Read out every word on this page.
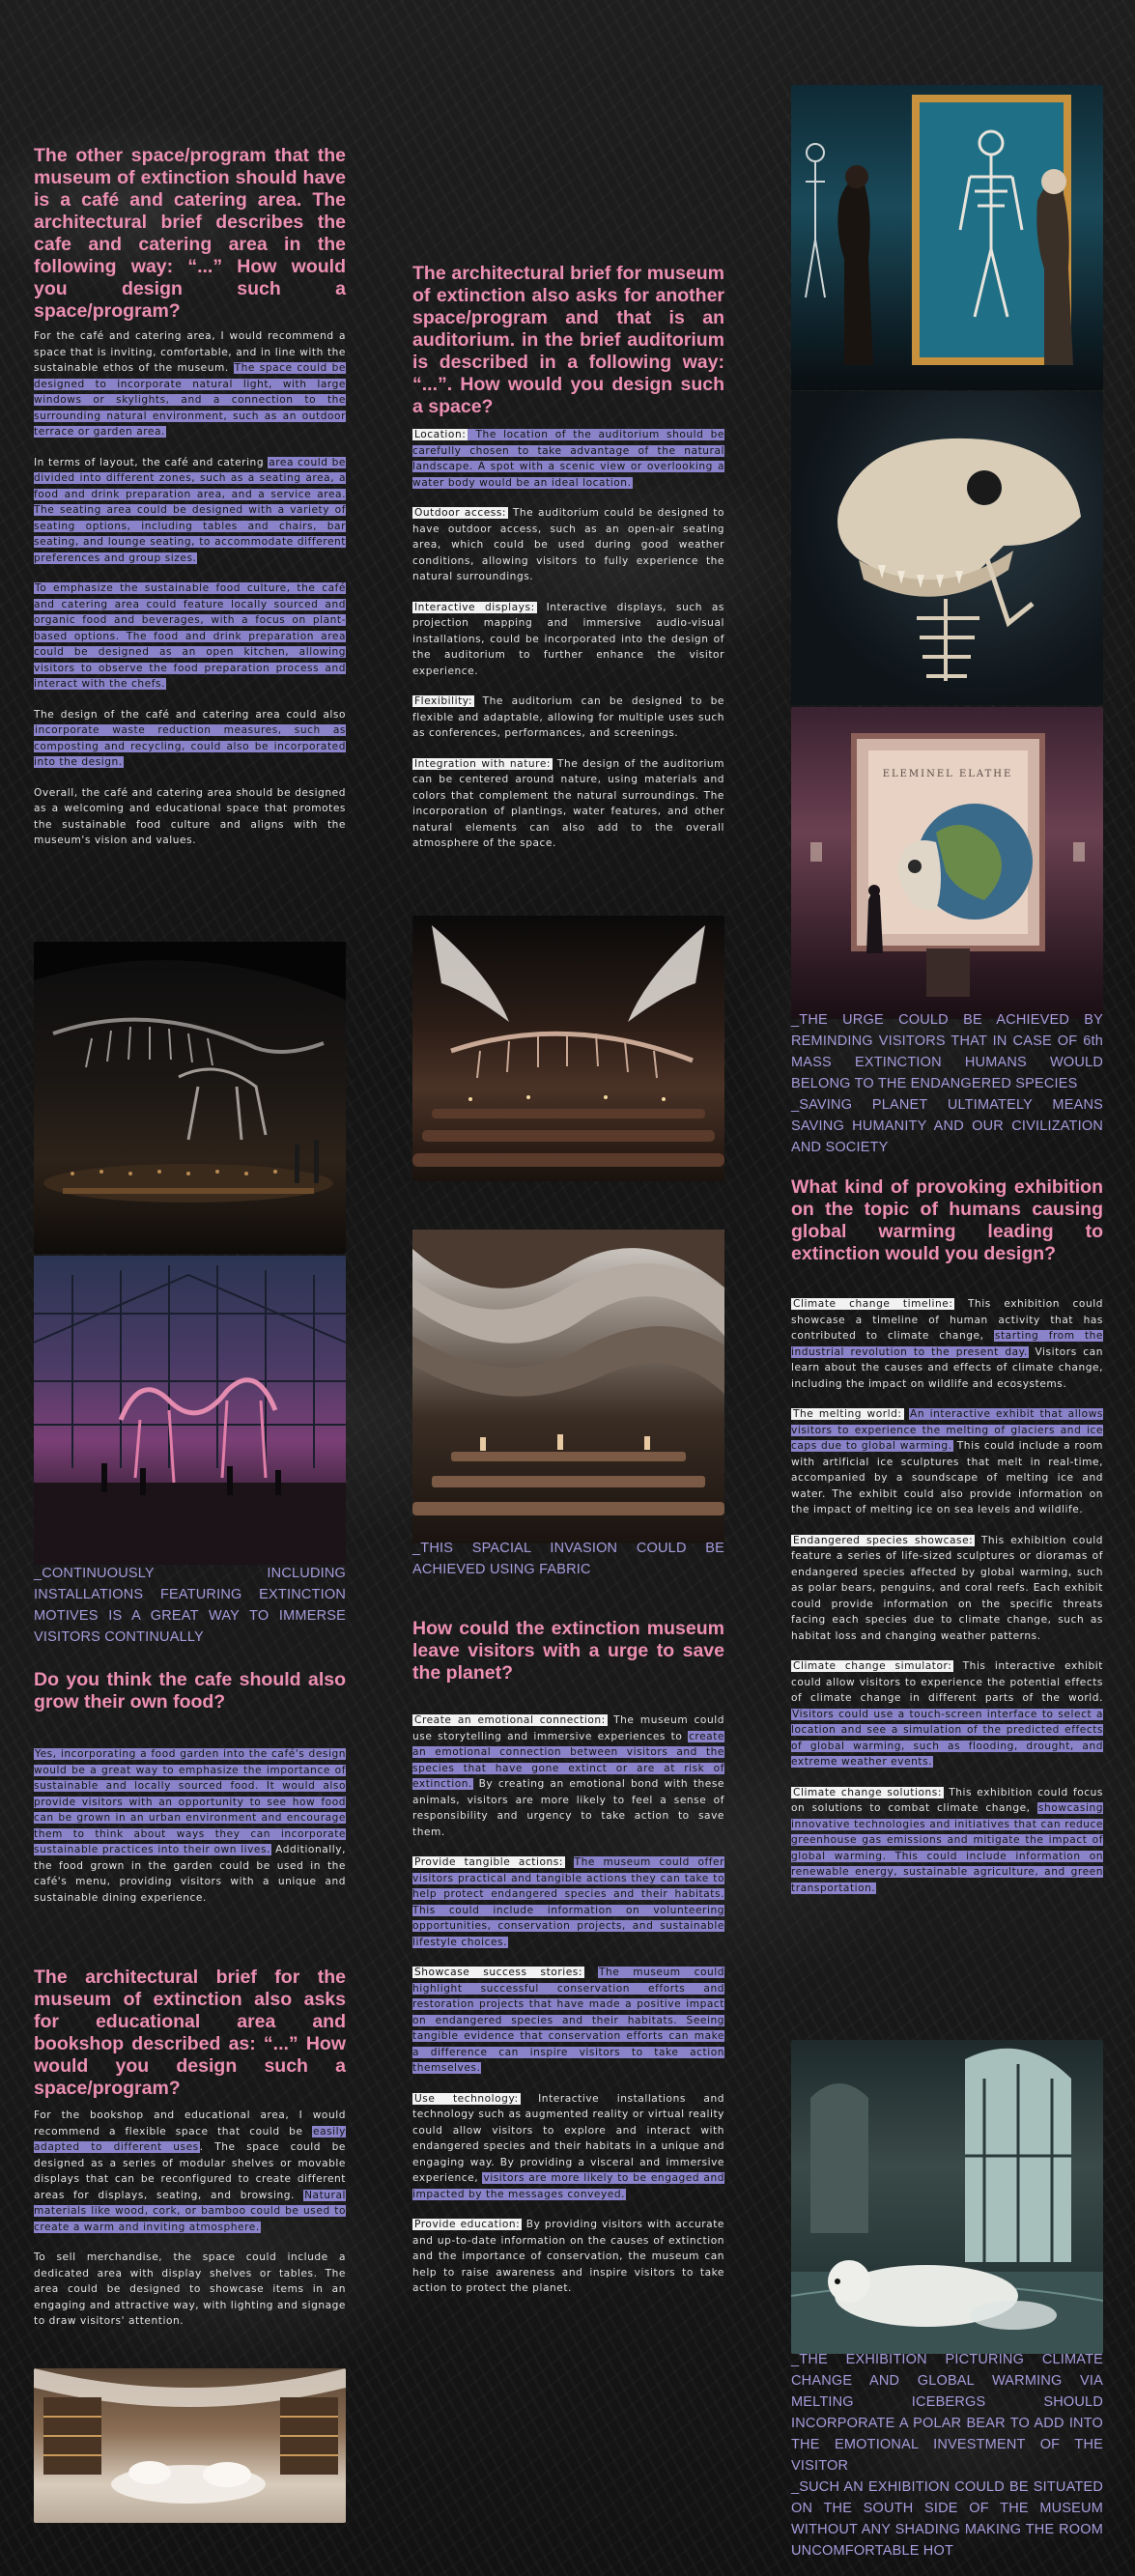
The other space/program that the museum of extinction should have is a café and catering area. The architectural brief describes the cafe and catering area in the following way: “...” How would you design such a space/program?

For the café and catering area, I would recommend a space that is inviting, comfortable, and in line with the sustainable ethos of the museum. The space could be designed to incorporate natural light, with large windows or skylights, and a connection to the surrounding natural environment, such as an outdoor terrace or garden area.

In terms of layout, the café and catering area could be divided into different zones, such as a seating area, a food and drink preparation area, and a service area. The seating area could be designed with a variety of seating options, including tables and chairs, bar seating, and lounge seating, to accommodate different preferences and group sizes.

To emphasize the sustainable food culture, the café and catering area could feature locally sourced and organic food and beverages, with a focus on plant-based options. The food and drink preparation area could be designed as an open kitchen, allowing visitors to observe the food preparation process and interact with the chefs.

The design of the café and catering area could also incorporate waste reduction measures, such as composting and recycling, could also be incorporated into the design.

Overall, the café and catering area should be designed as a welcoming and educational space that promotes the sustainable food culture and aligns with the museum's vision and values.

_CONTINUOUSLY INCLUDING INSTALLATIONS FEATURING EXTINCTION MOTIVES IS A GREAT WAY TO IMMERSE VISITORS CONTINUALLY
Do you think the cafe should also grow their own food?

Yes, incorporating a food garden into the café's design would be a great way to emphasize the importance of sustainable and locally sourced food. It would also provide visitors with an opportunity to see how food can be grown in an urban environment and encourage them to think about ways they can incorporate sustainable practices into their own lives. Additionally, the food grown in the garden could be used in the café's menu, providing visitors with a unique and sustainable dining experience.

The architectural brief for the museum of extinction also asks for educational area and bookshop described as: “...” How would you design such a space/program?

For the bookshop and educational area, I would recommend a flexible space that could be easily adapted to different uses. The space could be designed as a series of modular shelves or movable displays that can be reconfigured to create different areas for displays, seating, and browsing. Natural materials like wood, cork, or bamboo could be used to create a warm and inviting atmosphere.

To sell merchandise, the space could include a dedicated area with display shelves or tables. The area could be designed to showcase items in an engaging and attractive way, with lighting and signage to draw visitors' attention.

The architectural brief for museum of extinction also asks for another space/program and that is an auditorium. in the brief auditorium is described in a following way: “...”. How would you design such a space?

Location: The location of the auditorium should be carefully chosen to take advantage of the natural landscape. A spot with a scenic view or overlooking a water body would be an ideal location.

Outdoor access: The auditorium could be designed to have outdoor access, such as an open-air seating area, which could be used during good weather conditions, allowing visitors to fully experience the natural surroundings.

Interactive displays: Interactive displays, such as projection mapping and immersive audio-visual installations, could be incorporated into the design of the auditorium to further enhance the visitor experience.

Flexibility: The auditorium can be designed to be flexible and adaptable, allowing for multiple uses such as conferences, performances, and screenings.

Integration with nature: The design of the auditorium can be centered around nature, using materials and colors that complement the natural surroundings. The incorporation of plantings, water features, and other natural elements can also add to the overall atmosphere of the space.

_THIS SPACIAL INVASION COULD BE ACHIEVED USING FABRIC
How could the extinction museum leave visitors with a urge to save the planet?

Create an emotional connection: The museum could use storytelling and immersive experiences to create an emotional connection between visitors and the species that have gone extinct or are at risk of extinction. By creating an emotional bond with these animals, visitors are more likely to feel a sense of responsibility and urgency to take action to save them.

Provide tangible actions: The museum could offer visitors practical and tangible actions they can take to help protect endangered species and their habitats. This could include information on volunteering opportunities, conservation projects, and sustainable lifestyle choices.

Showcase success stories: The museum could highlight successful conservation efforts and restoration projects that have made a positive impact on endangered species and their habitats. Seeing tangible evidence that conservation efforts can make a difference can inspire visitors to take action themselves.

Use technology: Interactive installations and technology such as augmented reality or virtual reality could allow visitors to explore and interact with endangered species and their habitats in a unique and engaging way. By providing a visceral and immersive experience, visitors are more likely to be engaged and impacted by the messages conveyed.

Provide education: By providing visitors with accurate and up-to-date information on the causes of extinction and the importance of conservation, the museum can help to raise awareness and inspire visitors to take action to protect the planet.

ELEMINEL ELATHE
_THE URGE COULD BE ACHIEVED BY REMINDING VISITORS THAT IN CASE OF 6th MASS EXTINCTION HUMANS WOULD BELONG TO THE ENDANGERED SPECIES
_SAVING PLANET ULTIMATELY MEANS SAVING HUMANITY AND OUR CIVILIZATION AND SOCIETY
What kind of provoking exhibition on the topic of humans causing global warming leading to extinction would you design?

Climate change timeline: This exhibition could showcase a timeline of human activity that has contributed to climate change, starting from the industrial revolution to the present day. Visitors can learn about the causes and effects of climate change, including the impact on wildlife and ecosystems.

The melting world: An interactive exhibit that allows visitors to experience the melting of glaciers and ice caps due to global warming. This could include a room with artificial ice sculptures that melt in real-time, accompanied by a soundscape of melting ice and water. The exhibit could also provide information on the impact of melting ice on sea levels and wildlife.

Endangered species showcase: This exhibition could feature a series of life-sized sculptures or dioramas of endangered species affected by global warming, such as polar bears, penguins, and coral reefs. Each exhibit could provide information on the specific threats facing each species due to climate change, such as habitat loss and changing weather patterns.

Climate change simulator: This interactive exhibit could allow visitors to experience the potential effects of climate change in different parts of the world. Visitors could use a touch-screen interface to select a location and see a simulation of the predicted effects of global warming, such as flooding, drought, and extreme weather events.

Climate change solutions: This exhibition could focus on solutions to combat climate change, showcasing innovative technologies and initiatives that can reduce greenhouse gas emissions and mitigate the impact of global warming. This could include information on renewable energy, sustainable agriculture, and green transportation.

_THE EXHIBITION PICTURING CLIMATE CHANGE AND GLOBAL WARMING VIA MELTING ICEBERGS SHOULD INCORPORATE A POLAR BEAR TO ADD INTO THE EMOTIONAL INVESTMENT OF THE VISITOR
_SUCH AN EXHIBITION COULD BE SITUATED ON THE SOUTH SIDE OF THE MUSEUM WITHOUT ANY SHADING MAKING THE ROOM UNCOMFORTABLE HOT
